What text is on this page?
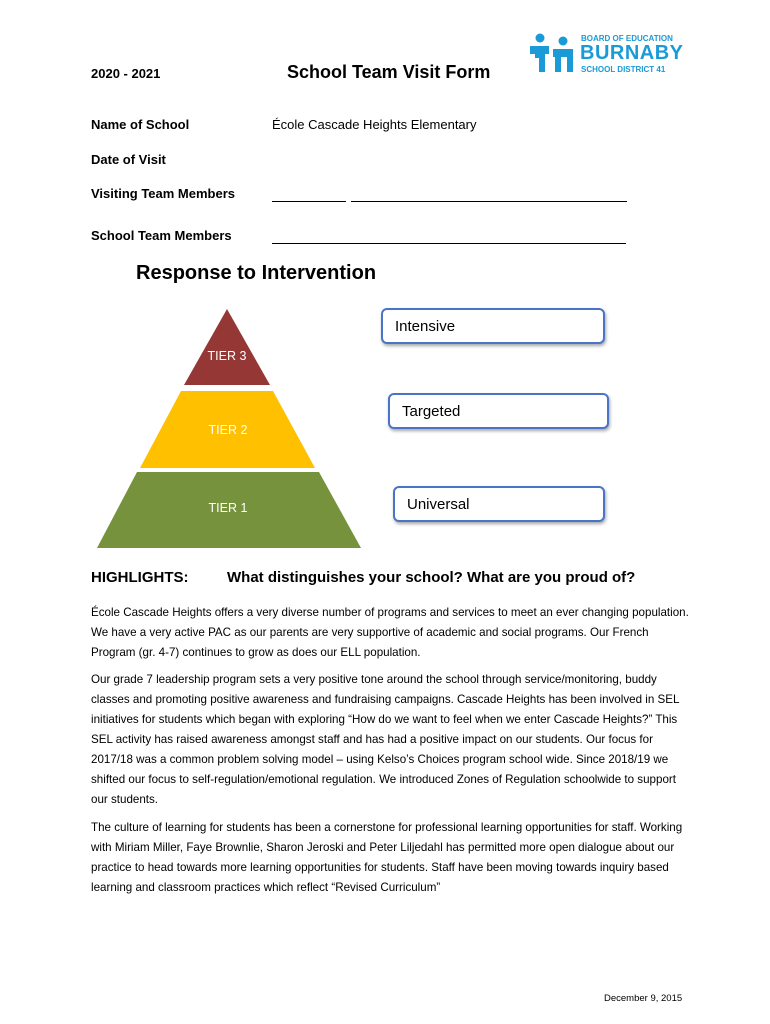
2020 - 2021	School Team Visit Form
BOARD OF EDUCATION
BURNABY
SCHOOL DISTRICT 41
Name of School	École Cascade Heights Elementary
Date of Visit
Visiting Team Members
School Team Members
Response to Intervention
TIER 3
TIER 2
TIER 1
Intensive
Targeted
Universal
HIGHLIGHTS:	What distinguishes your school? What are you proud of?
École Cascade Heights offers a very diverse number of programs and services to meet an ever changing population. We have a very active PAC as our parents are very supportive of academic and social programs. Our French Program (gr. 4-7) continues to grow as does our ELL population.
Our grade 7 leadership program sets a very positive tone around the school through service/monitoring, buddy classes and promoting positive awareness and fundraising campaigns. Cascade Heights has been involved in SEL initiatives for students which began with exploring “How do we want to feel when we enter Cascade Heights?” This SEL activity has raised awareness amongst staff and has had a positive impact on our students. Our focus for 2017/18 was a common problem solving model – using Kelso’s Choices program school wide. Since 2018/19 we shifted our focus to self-regulation/emotional regulation. We introduced Zones of Regulation schoolwide to support our students.
The culture of learning for students has been a cornerstone for professional learning opportunities for staff. Working with Miriam Miller, Faye Brownlie, Sharon Jeroski and Peter Liljedahl has permitted more open dialogue about our practice to head towards more learning opportunities for students. Staff have been moving towards inquiry based learning and classroom practices which reflect “Revised Curriculum”
December 9, 2015
